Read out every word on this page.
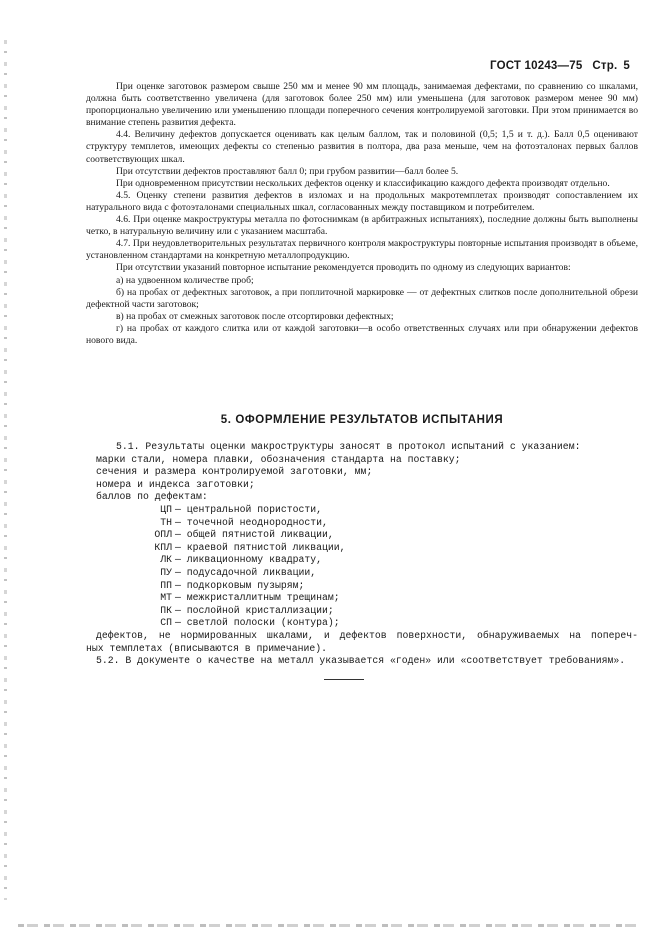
ГОСТ 10243—75 Стр. 5

При оценке заготовок размером свыше 250 мм и менее 90 мм площадь, занимаемая дефектами, по сравнению со шкалами, должна быть соответственно увеличена (для заготовок более 250 мм) или уменьшена (для заготовок размером менее 90 мм) пропорционально увеличению или уменьшению площади поперечного сечения контролируемой заготовки. При этом принимается во внимание степень развития дефекта.

4.4. Величину дефектов допускается оценивать как целым баллом, так и половиной (0,5; 1,5 и т. д.). Балл 0,5 оценивают структуру темплетов, имеющих дефекты со степенью развития в полтора, два раза меньше, чем на фотоэталонах первых баллов соответствующих шкал.

При отсутствии дефектов проставляют балл 0; при грубом развитии—балл более 5.

При одновременном присутствии нескольких дефектов оценку и классификацию каждого дефекта производят отдельно.

4.5. Оценку степени развития дефектов в изломах и на продольных макротемплетах производят сопоставлением их натурального вида с фотоэталонами специальных шкал, согласованных между поставщиком и потребителем.

4.6. При оценке макроструктуры металла по фотоснимкам (в арбитражных испытаниях), последние должны быть выполнены четко, в натуральную величину или с указанием масштаба.

4.7. При неудовлетворительных результатах первичного контроля макроструктуры повторные испытания производят в объеме, установленном стандартами на конкретную металлопродукцию.

При отсутствии указаний повторное испытание рекомендуется проводить по одному из следующих вариантов:

а) на удвоенном количестве проб;

б) на пробах от дефектных заготовок, а при поплиточной маркировке — от дефектных слитков после дополнительной обрези дефектной части заготовок;

в) на пробах от смежных заготовок после отсортировки дефектных;

г) на пробах от каждого слитка или от каждой заготовки—в особо ответственных случаях или при обнаружении дефектов нового вида.

5. ОФОРМЛЕНИЕ РЕЗУЛЬТАТОВ ИСПЫТАНИЯ

5.1. Результаты оценки макроструктуры заносят в протокол испытаний с указанием:

марки стали, номера плавки, обозначения стандарта на поставку;

сечения и размера контролируемой заготовки, мм;

номера и индекса заготовки;

баллов по дефектам:

ЦП — центральной пористости,
ТН — точечной неоднородности,
ОПЛ — общей пятнистой ликвации,
КПЛ — краевой пятнистой ликвации,
ЛК — ликвационному квадрату,
ПУ — подусадочной ликвации,
ПП — подкорковым пузырям;
МТ — межкристаллитным трещинам;
ПК — послойной кристаллизации;
СП — светлой полоски (контура);

дефектов, не нормированных шкалами, и дефектов поверхности, обнаруживаемых на попереч-

ных темплетах (вписываются в примечание).

5.2. В документе о качестве на металл указывается «годен» или «соответствует требованиям».
